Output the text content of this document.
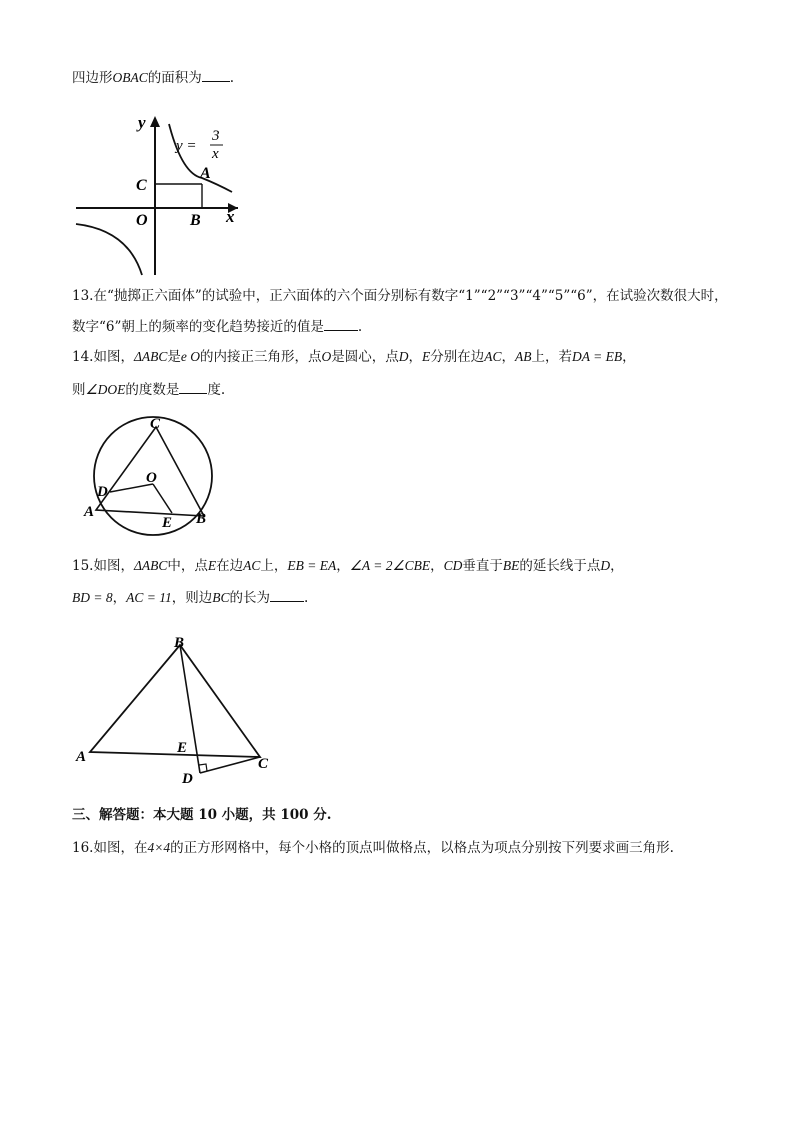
四边形OBAC的面积为 .
y
x
y =
3
x
A
B
C
O
13.在“抛掷正六面体”的试验中，正六面体的六个面分别标有数字“1”“2”“3”“4”“5”“6”，在试验次数很大时，
数字“6”朝上的频率的变化趋势接近的值是	.
14.如图，ΔABC是e O的内接正三角形，点O是圆心，点D，E分别在边AC，AB上，若DA = EB，
则∠DOE的度数是 度.
C
O
D
A
E B
15.如图，ΔABC中，点E在边AC上，EB = EA，∠A = 2∠CBE，CD垂直于BE的延长线于点D，
BD = 8，AC = 11，则边BC的长为	.
B
A
E
D
C
三、解答题：本大题 10 小题，共 100 分.
16.如图，在4×4的正方形网格中，每个小格的顶点叫做格点，以格点为项点分别按下列要求画三角形.
